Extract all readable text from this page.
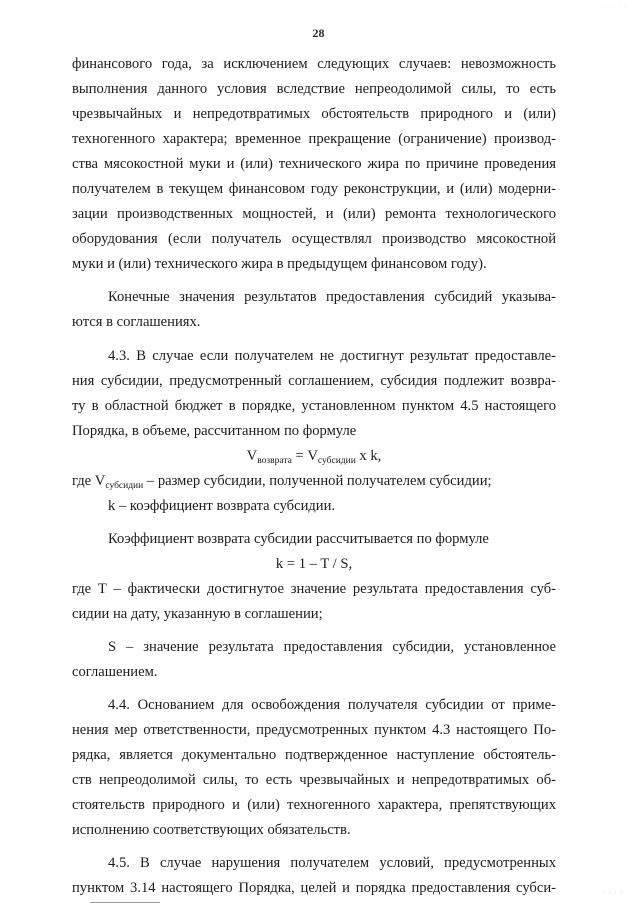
· · · · ·
28
финансового года, за исключением следующих случаев: невозможность
выполнения данного условия вследствие непреодолимой силы, то есть
чрезвычайных и непредотвратимых обстоятельств природного и (или)
техногенного характера; временное прекращение (ограничение) производ-
ства мясокостной муки и (или) технического жира по причине проведения
получателем в текущем финансовом году реконструкции, и (или) модерни-
зации производственных мощностей, и (или) ремонта технологического
оборудования (если получатель осуществлял производство мясокостной
муки и (или) технического жира в предыдущем финансовом году).
Конечные значения результатов предоставления субсидий указыва-
ются в соглашениях.
4.3. В случае если получателем не достигнут результат предоставле-
ния субсидии, предусмотренный соглашением, субсидия подлежит возвра-
ту в областной бюджет в порядке, установленном пунктом 4.5 настоящего
Порядка, в объеме, рассчитанном по формуле
$V_{возврата} = V_{субсидии}$ x k,
где $V_{субсидии}$ – размер субсидии, полученной получателем субсидии;
k – коэффициент возврата субсидии.
Коэффициент возврата субсидии рассчитывается по формуле
k = 1 – T / S,
где Т – фактически достигнутое значение результата предоставления суб-
сидии на дату, указанную в соглашении;
S – значение результата предоставления субсидии, установленное
соглашением.
4.4. Основанием для освобождения получателя субсидии от приме-
нения мер ответственности, предусмотренных пунктом 4.3 настоящего По-
рядка, является документально подтвержденное наступление обстоятель-
ств непреодолимой силы, то есть чрезвычайных и непредотвратимых об-
стоятельств природного и (или) техногенного характера, препятствующих
исполнению соответствующих обязательств.
4.5. В случае нарушения получателем условий, предусмотренных
пунктом 3.14 настоящего Порядка, целей и порядка предоставления субси-	· · · ·
